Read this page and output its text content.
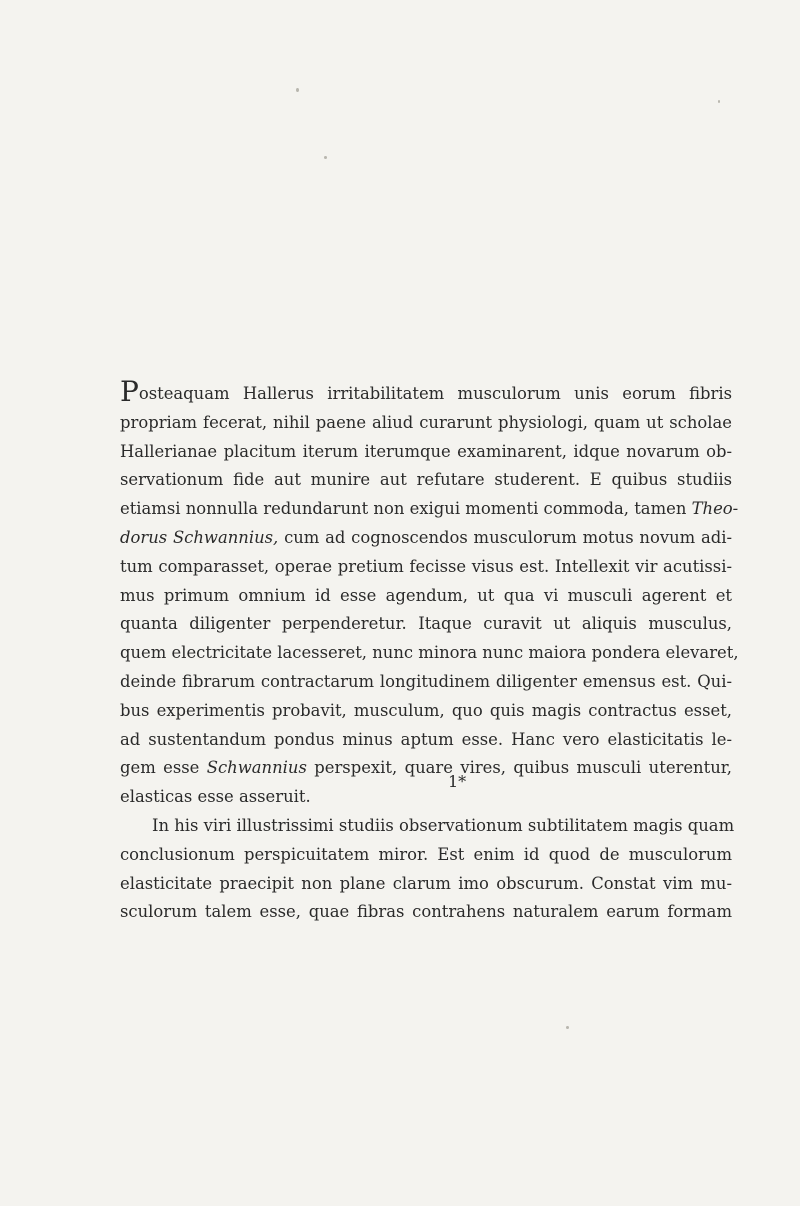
Posteaquam Hallerus irritabilitatem musculorum unis eorum fibris
propriam fecerat, nihil paene aliud curarunt physiologi, quam ut scholae
Hallerianae placitum iterum iterumque examinarent, idque novarum ob-
servationum fide aut munire aut refutare studerent. E quibus studiis
etiamsi nonnulla redundarunt non exigui momenti commoda, tamen Theo-
dorus Schwannius, cum ad cognoscendos musculorum motus novum adi-
tum comparasset, operae pretium fecisse visus est. Intellexit vir acutissi-
mus primum omnium id esse agendum, ut qua vi musculi agerent et
quanta diligenter perpenderetur. Itaque curavit ut aliquis musculus,
quem electricitate lacesseret, nunc minora nunc maiora pondera elevaret,
deinde fibrarum contractarum longitudinem diligenter emensus est. Qui-
bus experimentis probavit, musculum, quo quis magis contractus esset,
ad sustentandum pondus minus aptum esse. Hanc vero elasticitatis le-
gem esse Schwannius perspexit, quare vires, quibus musculi uterentur,
elasticas esse asseruit.
In his viri illustrissimi studiis observationum subtilitatem magis quam
conclusionum perspicuitatem miror. Est enim id quod de musculorum
elasticitate praecipit non plane clarum imo obscurum. Constat vim mu-
sculorum talem esse, quae fibras contrahens naturalem earum formam
1*
